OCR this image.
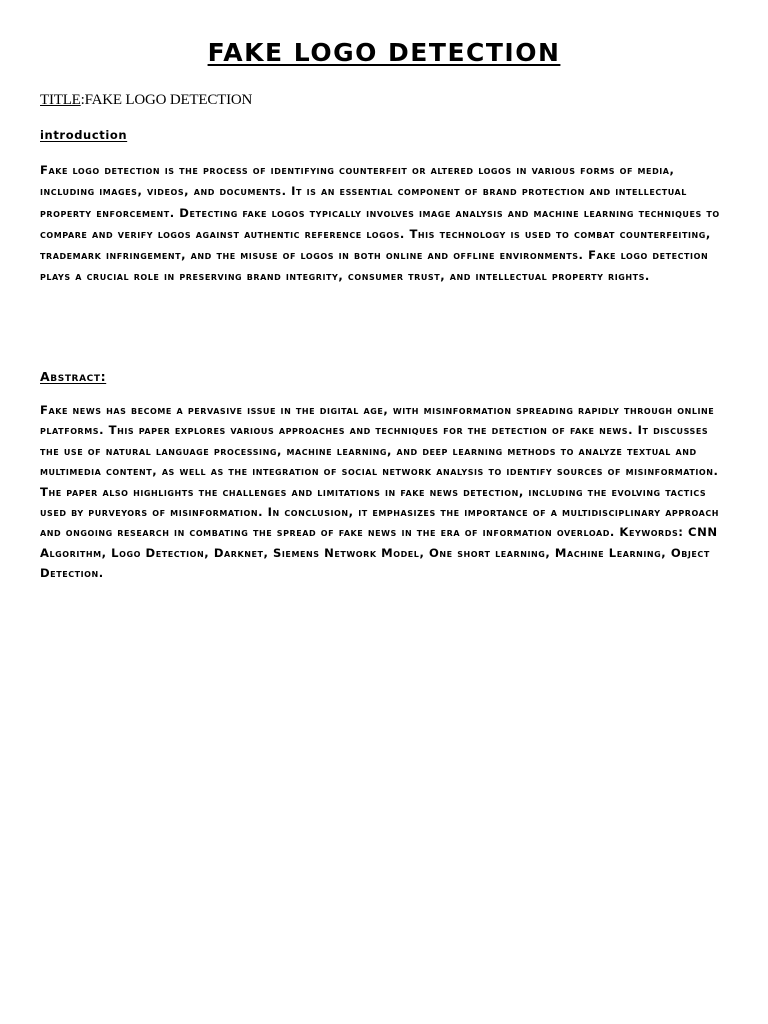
FAKE LOGO DETECTION
TITLE:FAKE LOGO DETECTION
introduction

Fake logo detection is the process of identifying counterfeit or altered logos in various forms of media, including images, videos, and documents. It is an essential component of brand protection and intellectual property enforcement. Detecting fake logos typically involves image analysis and machine learning techniques to compare and verify logos against authentic reference logos. This technology is used to combat counterfeiting, trademark infringement, and the misuse of logos in both online and offline environments. Fake logo detection plays a crucial role in preserving brand integrity, consumer trust, and intellectual property rights.

Abstract:

Fake news has become a pervasive issue in the digital age, with misinformation spreading rapidly through online platforms. This paper explores various approaches and techniques for the detection of fake news. It discusses the use of natural language processing, machine learning, and deep learning methods to analyze textual and multimedia content, as well as the integration of social network analysis to identify sources of misinformation. The paper also highlights the challenges and limitations in fake news detection, including the evolving tactics used by purveyors of misinformation. In conclusion, it emphasizes the importance of a multidisciplinary approach and ongoing research in combating the spread of fake news in the era of information overload. Keywords: CNN Algorithm, Logo Detection, Darknet, Siemens Network Model, One short learning, Machine Learning, Object Detection.
